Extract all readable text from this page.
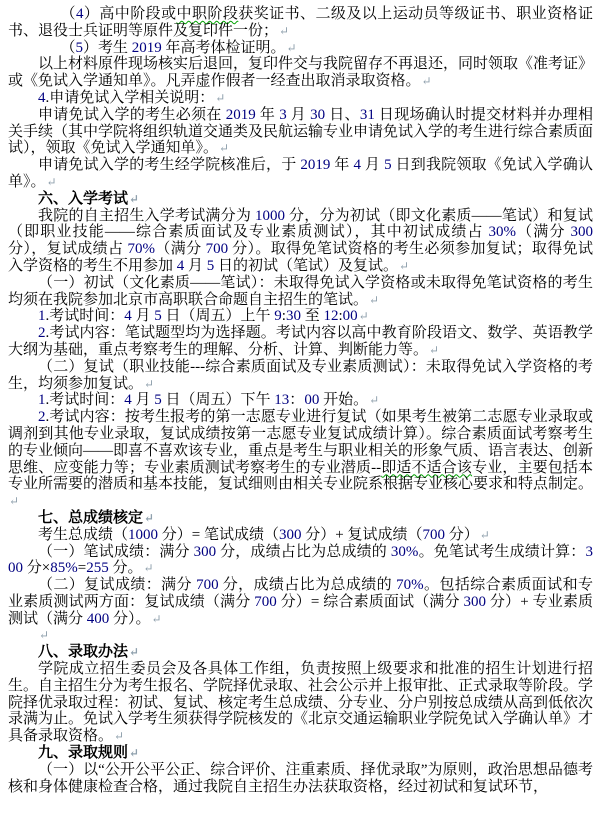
（4）高中阶段或中职阶段获奖证书、二级及以上运动员等级证书、职业资格证书、退役士兵证明等原件及复印件一份；↵

（5）考生 2019 年高考体检证明。↵

以上材料原件现场核实后退回，复印件交与我院留存不再退还，同时领取《准考证》或《免试入学通知单》。凡弄虚作假者一经查出取消录取资格。↵

4.申请免试入学相关说明：↵

申请免试入学的考生必须在 2019 年 3 月 30 日、31 日现场确认时提交材料并办理相关手续（其中学院将组织轨道交通类及民航运输专业申请免试入学的考生进行综合素质面试），领取《免试入学通知单》。↵

申请免试入学的考生经学院核准后，于 2019 年 4 月 5 日到我院领取《免试入学确认单》。↵

六、入学考试↵

我院的自主招生入学考试满分为 1000 分，分为初试（即文化素质——笔试）和复试（即职业技能——综合素质面试及专业素质测试），其中初试成绩占 30%（满分 300 分），复试成绩占 70%（满分 700 分）。取得免笔试资格的考生必须参加复试；取得免试入学资格的考生不用参加 4 月 5 日的初试（笔试）及复试。↵

（一）初试（文化素质——笔试）：未取得免试入学资格或未取得免笔试资格的考生均须在我院参加北京市高职联合命题自主招生的笔试。↵

1.考试时间：4 月 5 日（周五）上午 9:30 至 12:00↵

2.考试内容：笔试题型均为选择题。考试内容以高中教育阶段语文、数学、英语教学大纲为基础，重点考察考生的理解、分析、计算、判断能力等。↵

（二）复试（职业技能---综合素质面试及专业素质测试）：未取得免试入学资格的考生，均须参加复试。↵

1.考试时间：4 月 5 日（周五）下午 13：00 开始。↵

2.考试内容：按考生报考的第一志愿专业进行复试（如果考生被第二志愿专业录取或调剂到其他专业录取，复试成绩按第一志愿专业复试成绩计算）。综合素质面试考察考生的专业倾向——即喜不喜欢该专业，重点是考生与职业相关的形象气质、语言表达、创新思维、应变能力等；专业素质测试考察考生的专业潜质--即适不适合该专业，主要包括本专业所需要的潜质和基本技能，复试细则由相关专业院系根据专业核心要求和特点制定。↵

七、总成绩核定↵

考生总成绩（1000 分）= 笔试成绩（300 分）+ 复试成绩（700 分）↵

（一）笔试成绩：满分 300 分，成绩占比为总成绩的 30%。免笔试考生成绩计算：300 分×85%=255 分。↵

（二）复试成绩：满分 700 分，成绩占比为总成绩的 70%。包括综合素质面试和专业素质测试两方面：复试成绩（满分 700 分）= 综合素质面试（满分 300 分）+ 专业素质测试（满分 400 分）。↵

↵

八、录取办法↵

学院成立招生委员会及各具体工作组，负责按照上级要求和批准的招生计划进行招生。自主招生分为考生报名、学院择优录取、社会公示并上报审批、正式录取等阶段。学院择优录取过程：初试、复试、核定考生总成绩、分专业、分户别按总成绩从高到低依次录满为止。免试入学考生须获得学院核发的《北京交通运输职业学院免试入学确认单》才具备录取资格。↵

九、录取规则↵

（一）以“公开公平公正、综合评价、注重素质、择优录取”为原则，政治思想品德考核和身体健康检查合格，通过我院自主招生办法获取资格，经过初试和复试环节，
